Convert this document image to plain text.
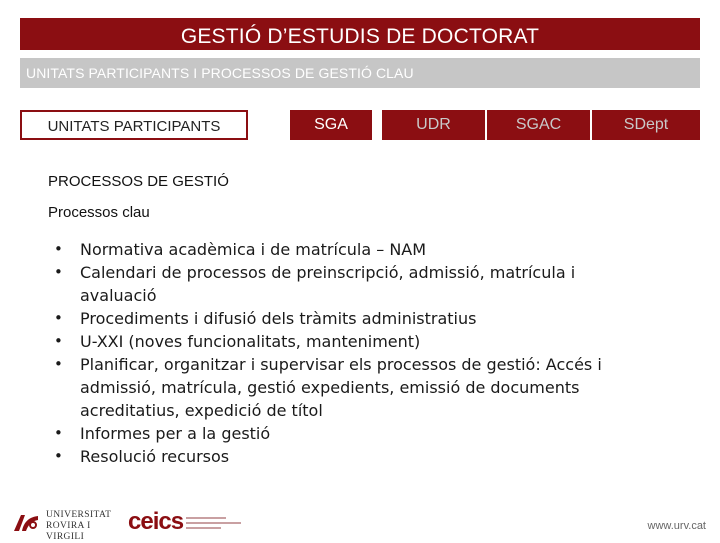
GESTIÓ D’ESTUDIS DE DOCTORAT
UNITATS PARTICIPANTS I PROCESSOS DE GESTIÓ CLAU
UNITATS PARTICIPANTS	SGA	UDR	SGAC	SDept
PROCESSOS DE GESTIÓ
Processos clau
• Normativa acadèmica i de matrícula – NAM
• Calendari de processos de preinscripció, admissió, matrícula i avaluació
• Procediments i difusió dels tràmits administratius
• U-XXI (noves funcionalitats, manteniment)
• Planificar, organitzar i supervisar els processos de gestió: Accés i admissió, matrícula, gestió expedients, emissió de documents acreditatius, expedició de títol
• Informes per a la gestió
• Resolució recursos
UNIVERSITAT
ROVIRA I VIRGILI
ceics	www.urv.cat
